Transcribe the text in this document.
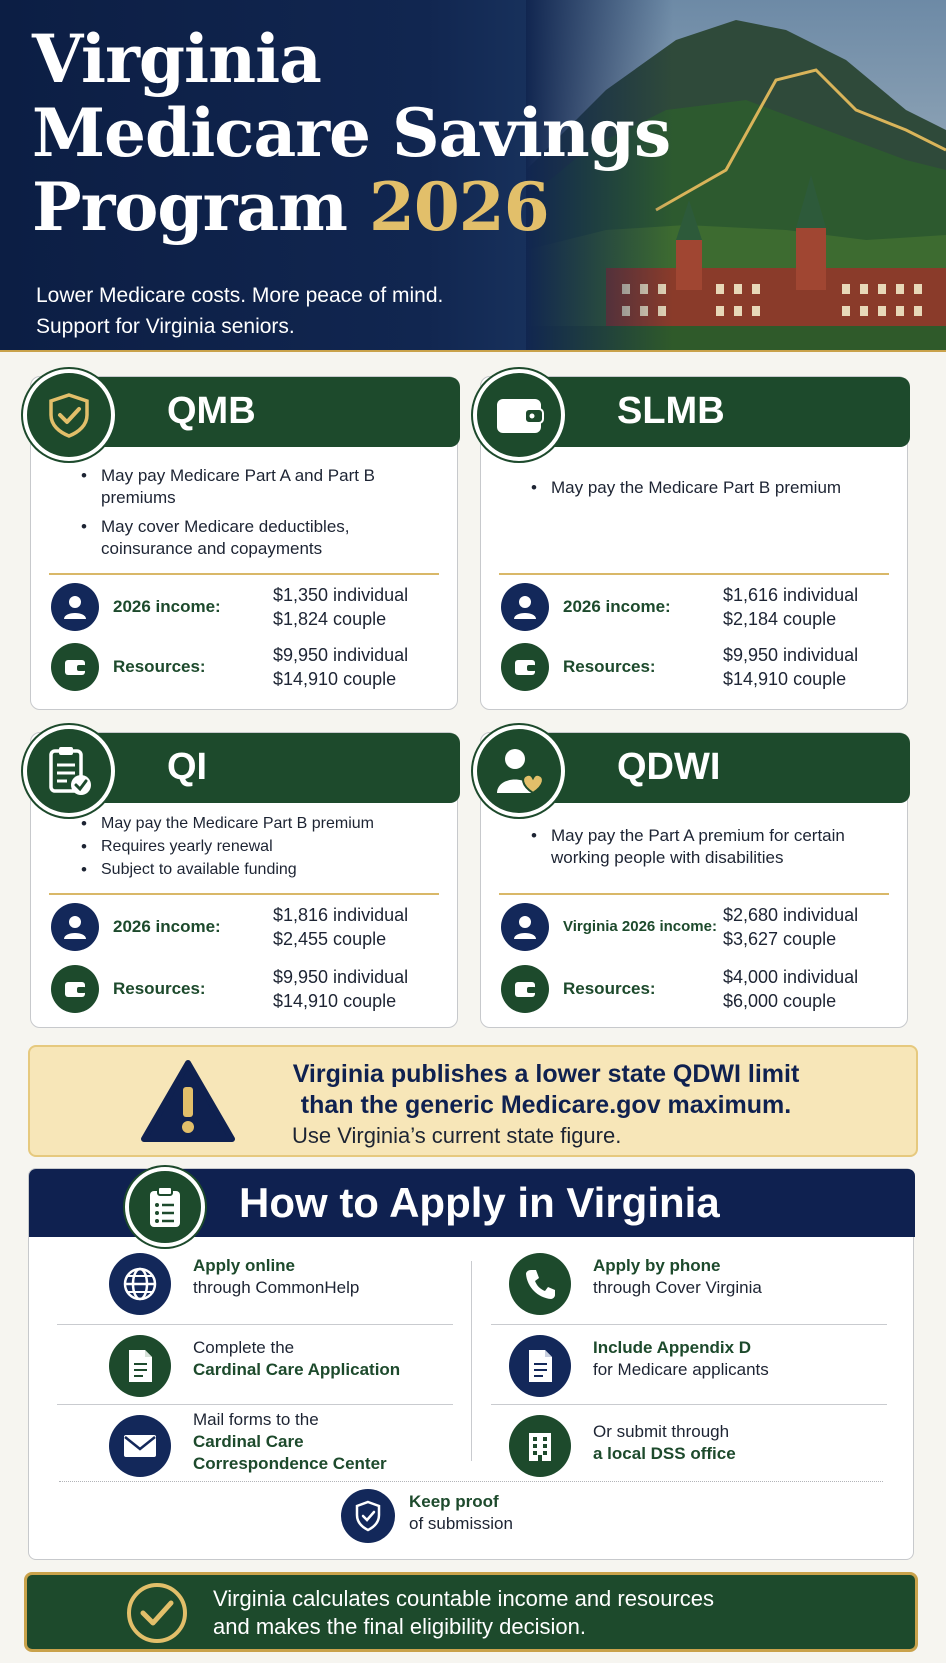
Virginia
Medicare Savings
Program 2026
Lower Medicare costs. More peace of mind.
Support for Virginia seniors.
QMB
• May pay Medicare Part A and Part B premiums
• May cover Medicare deductibles, coinsurance and copayments
2026 income:
$1,350 individual
$1,824 couple
Resources:
$9,950 individual
$14,910 couple
SLMB
• May pay the Medicare Part B premium
2026 income:
$1,616 individual
$2,184 couple
Resources:
$9,950 individual
$14,910 couple
QI
• May pay the Medicare Part B premium
• Requires yearly renewal
• Subject to available funding
2026 income:
$1,816 individual
$2,455 couple
Resources:
$9,950 individual
$14,910 couple
QDWI
• May pay the Part A premium for certain working people with disabilities
Virginia 2026 income:
$2,680 individual
$3,627 couple
Resources:
$4,000 individual
$6,000 couple
Virginia publishes a lower state QDWI limit
than the generic Medicare.gov maximum.
Use Virginia’s current state figure.
How to Apply in Virginia
Apply online
through CommonHelp
Complete the
Cardinal Care Application
Mail forms to the
Cardinal Care
Correspondence Center
Apply by phone
through Cover Virginia
Include Appendix D
for Medicare applicants
Or submit through
a local DSS office
Keep proof
of submission
Virginia calculates countable income and resources
and makes the final eligibility decision.
